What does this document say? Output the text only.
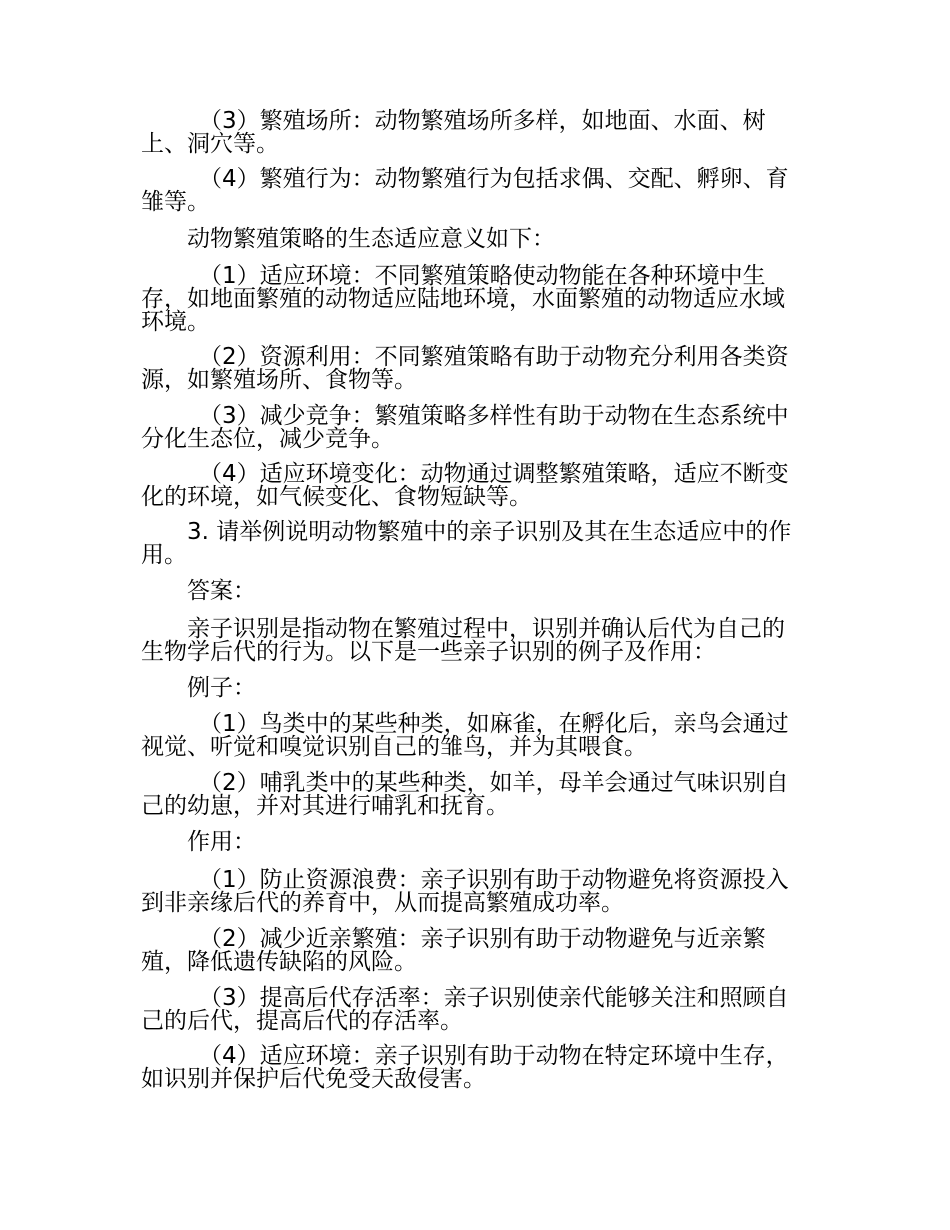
（3）繁殖场所：动物繁殖场所多样，如地面、水面、树上、洞穴等。
（4）繁殖行为：动物繁殖行为包括求偶、交配、孵卵、育雏等。
动物繁殖策略的生态适应意义如下：
（1）适应环境：不同繁殖策略使动物能在各种环境中生存，如地面繁殖的动物适应陆地环境，水面繁殖的动物适应水域环境。
（2）资源利用：不同繁殖策略有助于动物充分利用各类资源，如繁殖场所、食物等。
（3）减少竞争：繁殖策略多样性有助于动物在生态系统中分化生态位，减少竞争。
（4）适应环境变化：动物通过调整繁殖策略，适应不断变化的环境，如气候变化、食物短缺等。
3. 请举例说明动物繁殖中的亲子识别及其在生态适应中的作用。
答案：
亲子识别是指动物在繁殖过程中，识别并确认后代为自己的生物学后代的行为。以下是一些亲子识别的例子及作用：
例子：
（1）鸟类中的某些种类，如麻雀，在孵化后，亲鸟会通过视觉、听觉和嗅觉识别自己的雏鸟，并为其喂食。
（2）哺乳类中的某些种类，如羊，母羊会通过气味识别自己的幼崽，并对其进行哺乳和抚育。
作用：
（1）防止资源浪费：亲子识别有助于动物避免将资源投入到非亲缘后代的养育中，从而提高繁殖成功率。
（2）减少近亲繁殖：亲子识别有助于动物避免与近亲繁殖，降低遗传缺陷的风险。
（3）提高后代存活率：亲子识别使亲代能够关注和照顾自己的后代，提高后代的存活率。
（4）适应环境：亲子识别有助于动物在特定环境中生存，如识别并保护后代免受天敌侵害。
